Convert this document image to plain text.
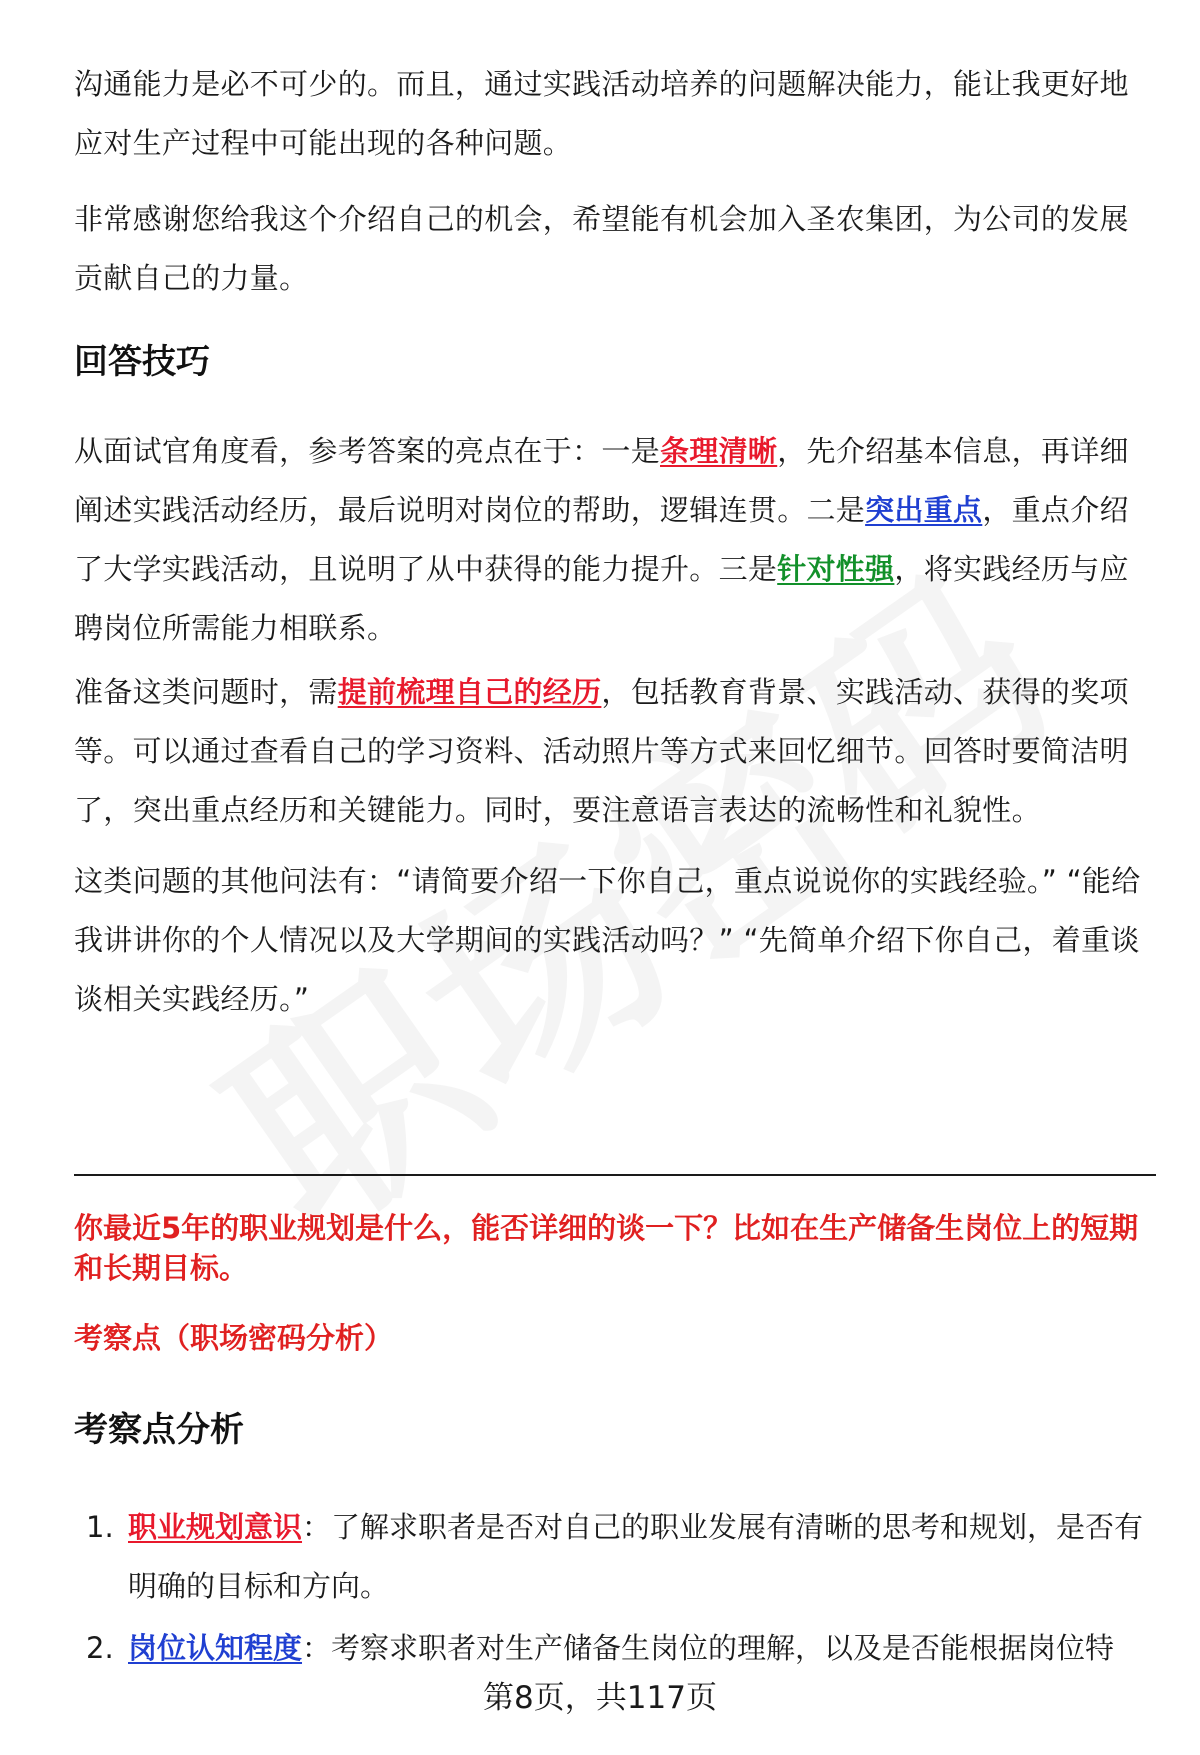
沟通能力是必不可少的。而且，通过实践活动培养的问题解决能力，能让我更好地应对生产过程中可能出现的各种问题。

非常感谢您给我这个介绍自己的机会，希望能有机会加入圣农集团，为公司的发展贡献自己的力量。

回答技巧

从面试官角度看，参考答案的亮点在于：一是条理清晰，先介绍基本信息，再详细阐述实践活动经历，最后说明对岗位的帮助，逻辑连贯。二是突出重点，重点介绍了大学实践活动，且说明了从中获得的能力提升。三是针对性强，将实践经历与应聘岗位所需能力相联系。

准备这类问题时，需提前梳理自己的经历，包括教育背景、实践活动、获得的奖项等。可以通过查看自己的学习资料、活动照片等方式来回忆细节。回答时要简洁明了，突出重点经历和关键能力。同时，要注意语言表达的流畅性和礼貌性。

这类问题的其他问法有：“请简要介绍一下你自己，重点说说你的实践经验。” “能给我讲讲你的个人情况以及大学期间的实践活动吗？” “先简单介绍下你自己，着重谈谈相关实践经历。”

你最近5年的职业规划是什么，能否详细的谈一下？比如在生产储备生岗位上的短期和长期目标。

考察点（职场密码分析）

考察点分析
1. 职业规划意识：了解求职者是否对自己的职业发展有清晰的思考和规划，是否有明确的目标和方向。
2. 岗位认知程度：考察求职者对生产储备生岗位的理解，以及是否能根据岗位特
第8页，共117页
